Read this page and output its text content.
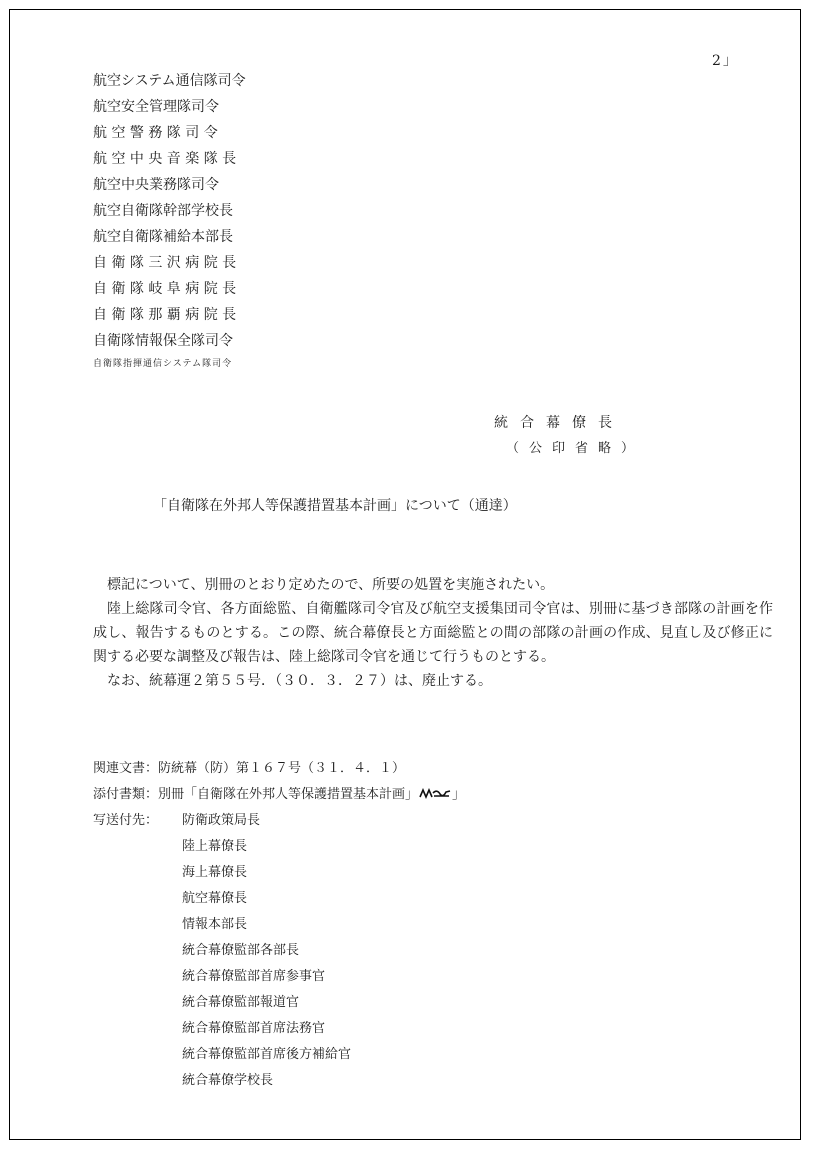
2」
航空システム通信隊司令
航空安全管理隊司令
航 空 警 務 隊 司 令
航 空 中 央 音 楽 隊 長
航空中央業務隊司令
航空自衛隊幹部学校長
航空自衛隊補給本部長
自 衛 隊 三 沢 病 院 長
自 衛 隊 岐 阜 病 院 長
自 衛 隊 那 覇 病 院 長
自衛隊情報保全隊司令
自衛隊指揮通信システム隊司令
統合幕僚長
（公印省略）
「自衛隊在外邦人等保護措置基本計画」について（通達）

標記について、別冊のとおり定めたので、所要の処置を実施されたい。

陸上総隊司令官、各方面総監、自衛艦隊司令官及び航空支援集団司令官は、別冊に基づき部隊の計画を作成し、報告するものとする。この際、統合幕僚長と方面総監との間の部隊の計画の作成、見直し及び修正に関する必要な調整及び報告は、陸上総隊司令官を通じて行うものとする。

なお、統幕運２第５５号．（３０．３．２７）は、廃止する。

関連文書：防統幕（防）第１６７号（３１．４．１）
添付書類：別冊「自衛隊在外邦人等保護措置基本計画」	」
写送付先：	防衛政策局長
陸上幕僚長
海上幕僚長
航空幕僚長
情報本部長
統合幕僚監部各部長
統合幕僚監部首席参事官
統合幕僚監部報道官
統合幕僚監部首席法務官
統合幕僚監部首席後方補給官
統合幕僚学校長
